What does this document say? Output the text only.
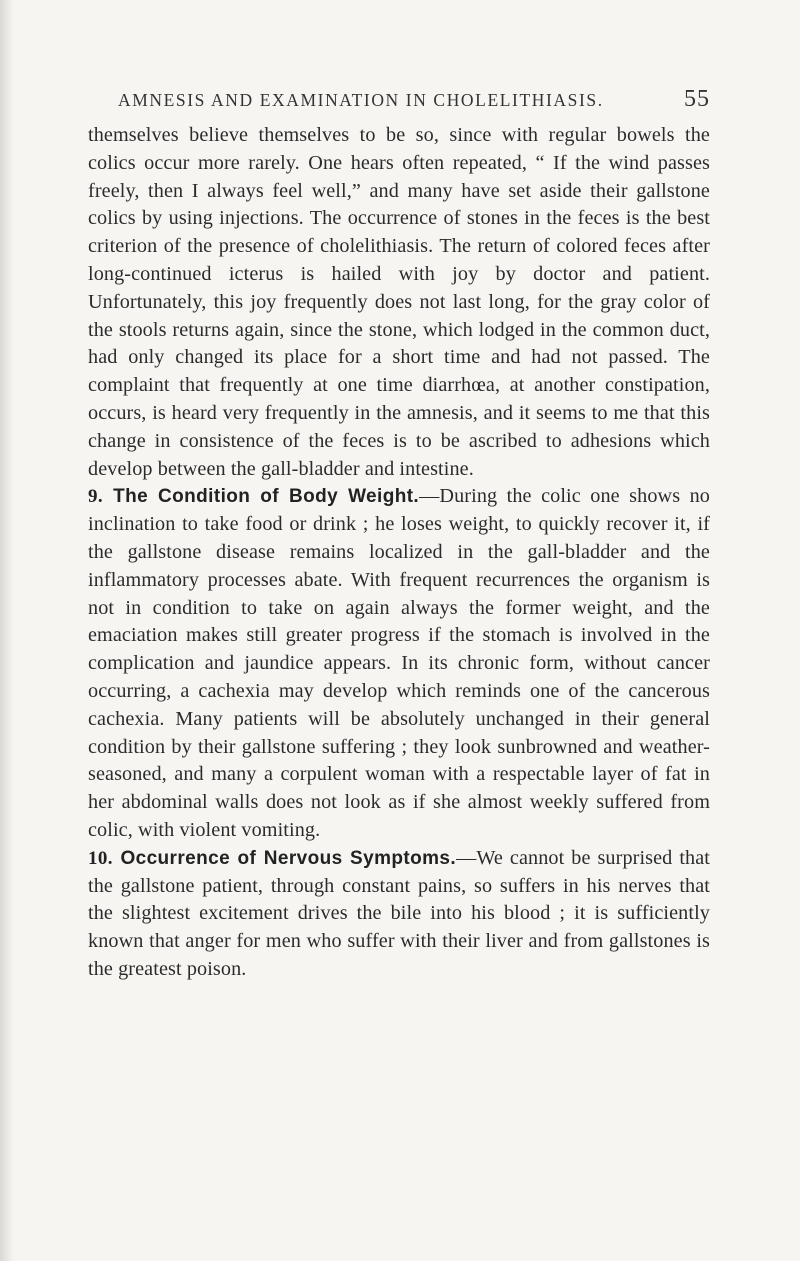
AMNESIS AND EXAMINATION IN CHOLELITHIASIS.	55

themselves believe themselves to be so, since with regular bowels the colics occur more rarely. One hears often repeated, “ If the wind passes freely, then I always feel well,” and many have set aside their gallstone colics by using injections. The occurrence of stones in the feces is the best criterion of the presence of cholelithiasis. The return of colored feces after long-continued icterus is hailed with joy by doctor and patient. Unfortunately, this joy frequently does not last long, for the gray color of the stools returns again, since the stone, which lodged in the common duct, had only changed its place for a short time and had not passed. The complaint that frequently at one time diarrhœa, at another constipation, occurs, is heard very frequently in the amnesis, and it seems to me that this change in consistence of the feces is to be ascribed to adhesions which develop between the gall-bladder and intestine.

9. The Condition of Body Weight.—During the colic one shows no inclination to take food or drink ; he loses weight, to quickly recover it, if the gallstone disease remains localized in the gall-bladder and the inflammatory processes abate. With frequent recurrences the organism is not in condition to take on again always the former weight, and the emaciation makes still greater progress if the stomach is involved in the complication and jaundice appears. In its chronic form, without cancer occurring, a cachexia may develop which reminds one of the cancerous cachexia. Many patients will be absolutely unchanged in their general condition by their gallstone suffering ; they look sunbrowned and weather-seasoned, and many a corpulent woman with a respectable layer of fat in her abdominal walls does not look as if she almost weekly suffered from colic, with violent vomiting.

10. Occurrence of Nervous Symptoms.—We cannot be surprised that the gallstone patient, through constant pains, so suffers in his nerves that the slightest excitement drives the bile into his blood ; it is sufficiently known that anger for men who suffer with their liver and from gallstones is the greatest poison.
